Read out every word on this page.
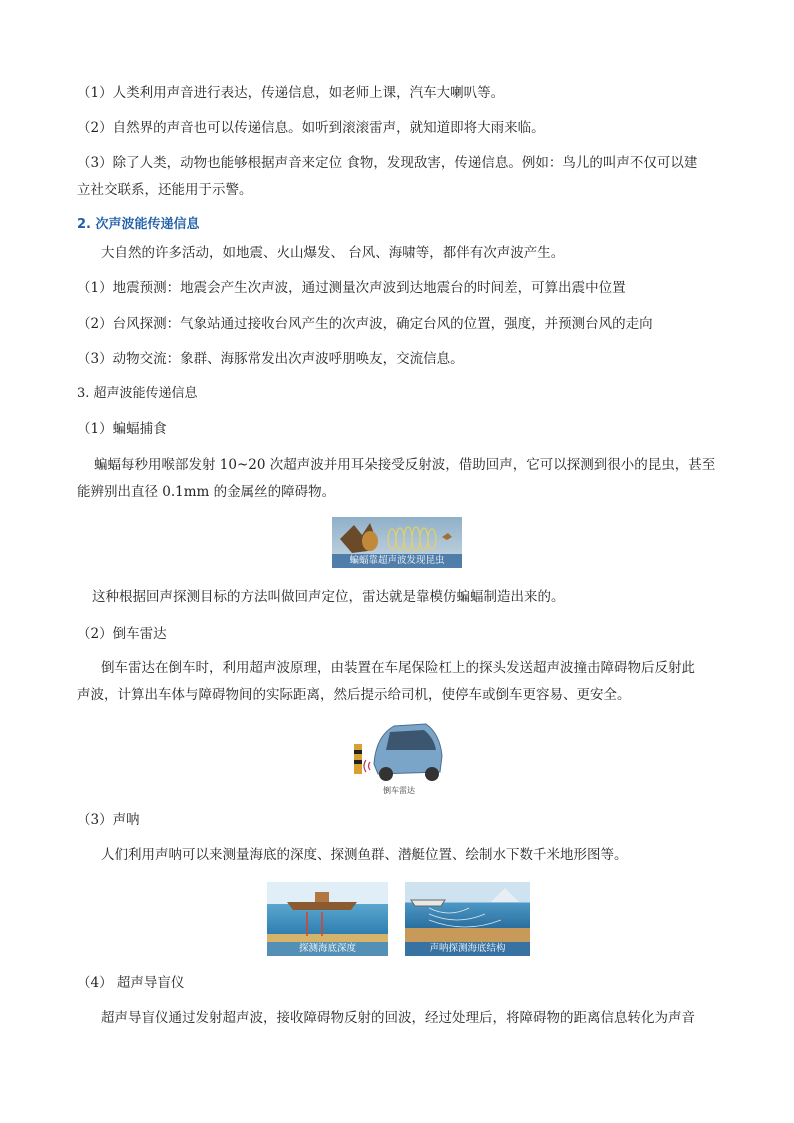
（1）人类利用声音进行表达，传递信息，如老师上课，汽车大喇叭等。
（2）自然界的声音也可以传递信息。如听到滚滚雷声，就知道即将大雨来临。
（3）除了人类，动物也能够根据声音来定位 食物，发现敌害，传递信息。例如：鸟儿的叫声不仅可以建
立社交联系，还能用于示警。
2. 次声波能传递信息
大自然的许多活动，如地震、火山爆发、 台风、海啸等，都伴有次声波产生。
（1）地震预测：地震会产生次声波，通过测量次声波到达地震台的时间差，可算出震中位置
（2）台风探测：气象站通过接收台风产生的次声波，确定台风的位置，强度，并预测台风的走向
（3）动物交流：象群、海豚常发出次声波呼朋唤友，交流信息。
3. 超声波能传递信息
（1）蝙蝠捕食
蝙蝠每秒用喉部发射 10~20 次超声波并用耳朵接受反射波，借助回声，它可以探测到很小的昆虫，甚至
能辨别出直径 0.1mm 的金属丝的障碍物。
蝙蝠靠超声波发现昆虫
这种根据回声探测目标的方法叫做回声定位，雷达就是靠模仿蝙蝠制造出来的。
（2）倒车雷达
倒车雷达在倒车时，利用超声波原理，由装置在车尾保险杠上的探头发送超声波撞击障碍物后反射此
声波，计算出车体与障碍物间的实际距离，然后提示给司机，使停车或倒车更容易、更安全。
倒车雷达
（3）声呐
人们利用声呐可以来测量海底的深度、探测鱼群、潜艇位置、绘制水下数千米地形图等。
探测海底深度	声呐探测海底结构
（4） 超声导盲仪
超声导盲仪通过发射超声波，接收障碍物反射的回波，经过处理后，将障碍物的距离信息转化为声音
